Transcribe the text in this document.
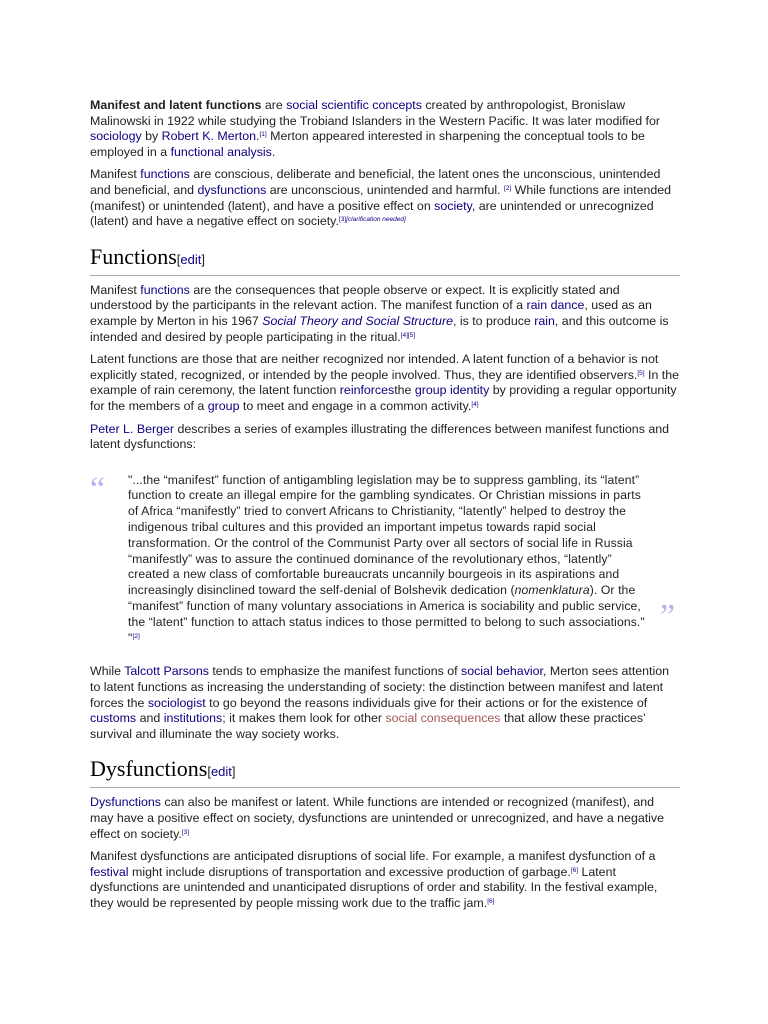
Manifest and latent functions are social scientific concepts created by anthropologist, Bronislaw Malinowski in 1922 while studying the Trobiand Islanders in the Western Pacific. It was later modified for sociology by Robert K. Merton.[1] Merton appeared interested in sharpening the conceptual tools to be employed in a functional analysis.

Manifest functions are conscious, deliberate and beneficial, the latent ones the unconscious, unintended and beneficial, and dysfunctions are unconscious, unintended and harmful. [2] While functions are intended (manifest) or unintended (latent), and have a positive effect on society, are unintended or unrecognized (latent) and have a negative effect on society.[3][clarification needed]

Functions[edit]

Manifest functions are the consequences that people observe or expect. It is explicitly stated and understood by the participants in the relevant action. The manifest function of a rain dance, used as an example by Merton in his 1967 Social Theory and Social Structure, is to produce rain, and this outcome is intended and desired by people participating in the ritual.[4][5]

Latent functions are those that are neither recognized nor intended. A latent function of a behavior is not explicitly stated, recognized, or intended by the people involved. Thus, they are identified observers.[5] In the example of rain ceremony, the latent function reinforcesthe group identity by providing a regular opportunity for the members of a group to meet and engage in a common activity.[4]

Peter L. Berger describes a series of examples illustrating the differences between manifest functions and latent dysfunctions:

“ "...the “manifest” function of antigambling legislation may be to suppress gambling, its “latent” function to create an illegal empire for the gambling syndicates. Or Christian missions in parts of Africa “manifestly” tried to convert Africans to Christianity, “latently” helped to destroy the indigenous tribal cultures and this provided an important impetus towards rapid social transformation. Or the control of the Communist Party over all sectors of social life in Russia “manifestly” was to assure the continued dominance of the revolutionary ethos, “latently” created a new class of comfortable bureaucrats uncannily bourgeois in its aspirations and increasingly disinclined toward the self-denial of Bolshevik dedication (nomenklatura). Or the “manifest” function of many voluntary associations in America is sociability and public service, the “latent” function to attach status indices to those permitted to belong to such associations." "[2]
”

While Talcott Parsons tends to emphasize the manifest functions of social behavior, Merton sees attention to latent functions as increasing the understanding of society: the distinction between manifest and latent forces the sociologist to go beyond the reasons individuals give for their actions or for the existence of customs and institutions; it makes them look for other social consequences that allow these practices' survival and illuminate the way society works.

Dysfunctions[edit]

Dysfunctions can also be manifest or latent. While functions are intended or recognized (manifest), and may have a positive effect on society, dysfunctions are unintended or unrecognized, and have a negative effect on society.[3]

Manifest dysfunctions are anticipated disruptions of social life. For example, a manifest dysfunction of a festival might include disruptions of transportation and excessive production of garbage.[6] Latent dysfunctions are unintended and unanticipated disruptions of order and stability. In the festival example, they would be represented by people missing work due to the traffic jam.[6]
